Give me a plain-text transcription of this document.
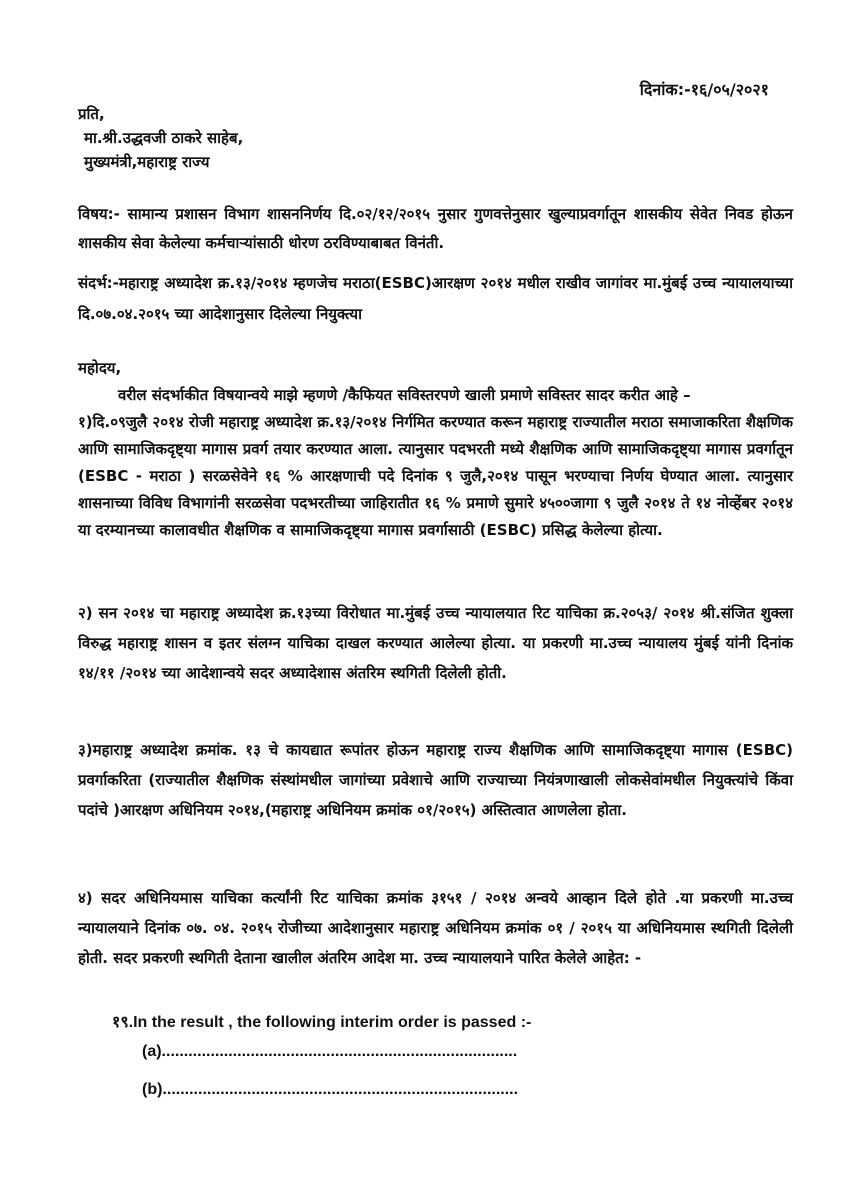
दिनांक:-१६/०५/२०२१
प्रति,
मा.श्री.उद्धवजी ठाकरे साहेब,
मुख्यमंत्री,महाराष्ट्र राज्य
विषय:- सामान्य प्रशासन विभाग शासननिर्णय दि.०२/१२/२०१५ नुसार गुणवत्तेनुसार खुल्याप्रवर्गातून शासकीय सेवेत निवड होऊन शासकीय सेवा केलेल्या कर्मचाऱ्यांसाठी धोरण ठरविण्याबाबत विनंती.
संदर्भ:-महाराष्ट्र अध्यादेश क्र.१३/२०१४ म्हणजेच मराठा(ESBC)आरक्षण २०१४ मधील राखीव जागांवर मा.मुंबई उच्च न्यायालयाच्या दि.०७.०४.२०१५ च्या आदेशानुसार दिलेल्या नियुक्त्या
महोदय,
वरील संदर्भाकीत विषयान्वये माझे म्हणणे /कैफियत सविस्तरपणे खाली प्रमाणे सविस्तर सादर करीत आहे –
१)दि.०९जुलै २०१४ रोजी महाराष्ट्र अध्यादेश क्र.१३/२०१४ निर्गमित करण्यात करून महाराष्ट्र राज्यातील मराठा समाजाकरिता शैक्षणिक आणि सामाजिकदृष्ट्या मागास प्रवर्ग तयार करण्यात आला. त्यानुसार पदभरती मध्ये शैक्षणिक आणि सामाजिकदृष्ट्या मागास प्रवर्गातून (ESBC - मराठा ) सरळसेवेने १६ % आरक्षणाची पदे दिनांक ९ जुलै,२०१४ पासून भरण्याचा निर्णय घेण्यात आला. त्यानुसार शासनाच्या विविध विभागांनी सरळसेवा पदभरतीच्या जाहिरातीत १६ % प्रमाणे सुमारे ४५००जागा ९ जुलै २०१४ ते १४ नोव्हेंबर २०१४ या दरम्यानच्या कालावधीत शैक्षणिक व सामाजिकदृष्ट्या मागास प्रवर्गासाठी (ESBC) प्रसिद्ध केलेल्या होत्या.
२) सन २०१४ चा महाराष्ट्र अध्यादेश क्र.१३च्या विरोधात मा.मुंबई उच्च न्यायालयात रिट याचिका क्र.२०५३/ २०१४ श्री.संजित शुक्ला विरुद्ध महाराष्ट्र शासन व इतर संलग्न याचिका दाखल करण्यात आलेल्या होत्या. या प्रकरणी मा.उच्च न्यायालय मुंबई यांनी दिनांक १४/११ /२०१४ च्या आदेशान्वये सदर अध्यादेशास अंतरिम स्थगिती दिलेली होती.
३)महाराष्ट्र अध्यादेश क्रमांक. १३ चे कायद्यात रूपांतर होऊन महाराष्ट्र राज्य शैक्षणिक आणि सामाजिकदृष्ट्या मागास (ESBC) प्रवर्गाकरिता (राज्यातील शैक्षणिक संस्थांमधील जागांच्या प्रवेशाचे आणि राज्याच्या नियंत्रणाखाली लोकसेवांमधील नियुक्त्यांचे किंवा पदांचे )आरक्षण अधिनियम २०१४,(महाराष्ट्र अधिनियम क्रमांक ०१/२०१५) अस्तित्वात आणलेला होता.
४) सदर अधिनियमास याचिका कर्त्यांनी रिट याचिका क्रमांक ३१५१ / २०१४ अन्वये आव्हान दिले होते .या प्रकरणी मा.उच्च न्यायालयाने दिनांक ०७. ०४. २०१५ रोजीच्या आदेशानुसार महाराष्ट्र अधिनियम क्रमांक ०१ / २०१५ या अधिनियमास स्थगिती दिलेली होती. सदर प्रकरणी स्थगिती देताना खालील अंतरिम आदेश मा. उच्च न्यायालयाने पारित केलेले आहेत: -
१९.In the result , the following interim order is passed :-
(a)................................................................................
(b)................................................................................
